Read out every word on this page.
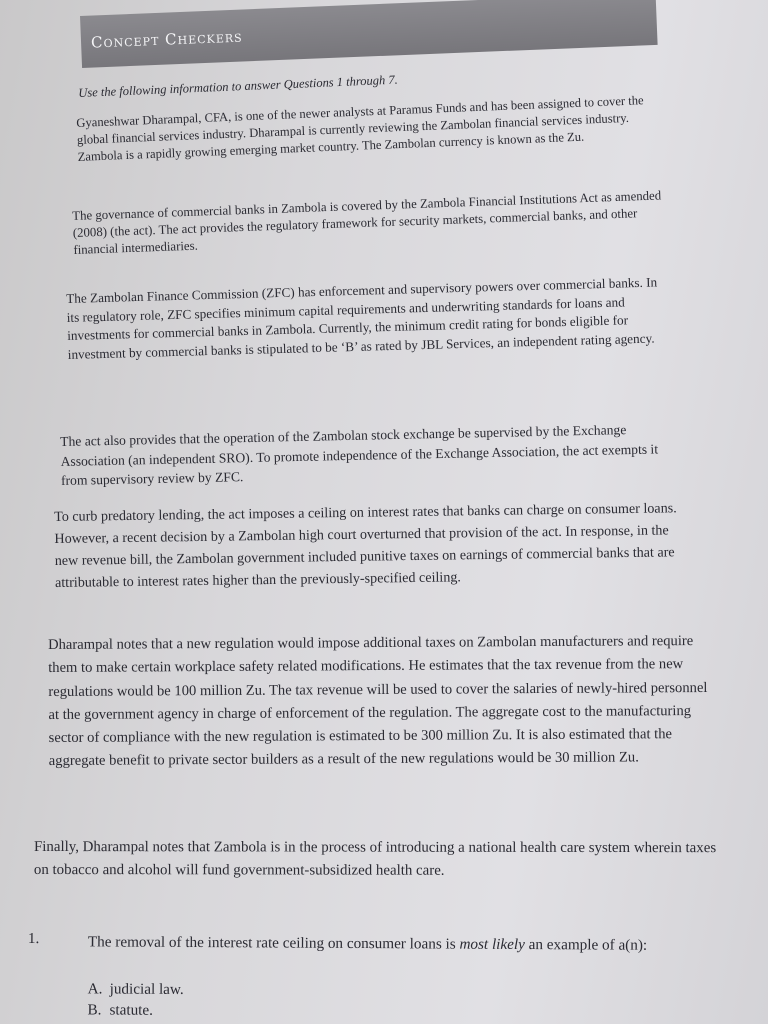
Concept Checkers

Use the following information to answer Questions 1 through 7.

Gyaneshwar Dharampal, CFA, is one of the newer analysts at Paramus Funds and has been assigned to cover the global financial services industry. Dharampal is currently reviewing the Zambolan financial services industry. Zambola is a rapidly growing emerging market country. The Zambolan currency is known as the Zu.

The governance of commercial banks in Zambola is covered by the Zambola Financial Institutions Act as amended (2008) (the act). The act provides the regulatory framework for security markets, commercial banks, and other financial intermediaries.

The Zambolan Finance Commission (ZFC) has enforcement and supervisory powers over commercial banks. In its regulatory role, ZFC specifies minimum capital requirements and underwriting standards for loans and investments for commercial banks in Zambola. Currently, the minimum credit rating for bonds eligible for investment by commercial banks is stipulated to be ‘B’ as rated by JBL Services, an independent rating agency.

The act also provides that the operation of the Zambolan stock exchange be supervised by the Exchange Association (an independent SRO). To promote independence of the Exchange Association, the act exempts it from supervisory review by ZFC.

To curb predatory lending, the act imposes a ceiling on interest rates that banks can charge on consumer loans. However, a recent decision by a Zambolan high court overturned that provision of the act. In response, in the new revenue bill, the Zambolan government included punitive taxes on earnings of commercial banks that are attributable to interest rates higher than the previously-specified ceiling.

Dharampal notes that a new regulation would impose additional taxes on Zambolan manufacturers and require them to make certain workplace safety related modifications. He estimates that the tax revenue from the new regulations would be 100 million Zu. The tax revenue will be used to cover the salaries of newly-hired personnel at the government agency in charge of enforcement of the regulation. The aggregate cost to the manufacturing sector of compliance with the new regulation is estimated to be 300 million Zu. It is also estimated that the aggregate benefit to private sector builders as a result of the new regulations would be 30 million Zu.

Finally, Dharampal notes that Zambola is in the process of introducing a national health care system wherein taxes on tobacco and alcohol will fund government-subsidized health care.

1.	The removal of the interest rate ceiling on consumer loans is most likely an example of a(n):
A. judicial law.
B. statute.
